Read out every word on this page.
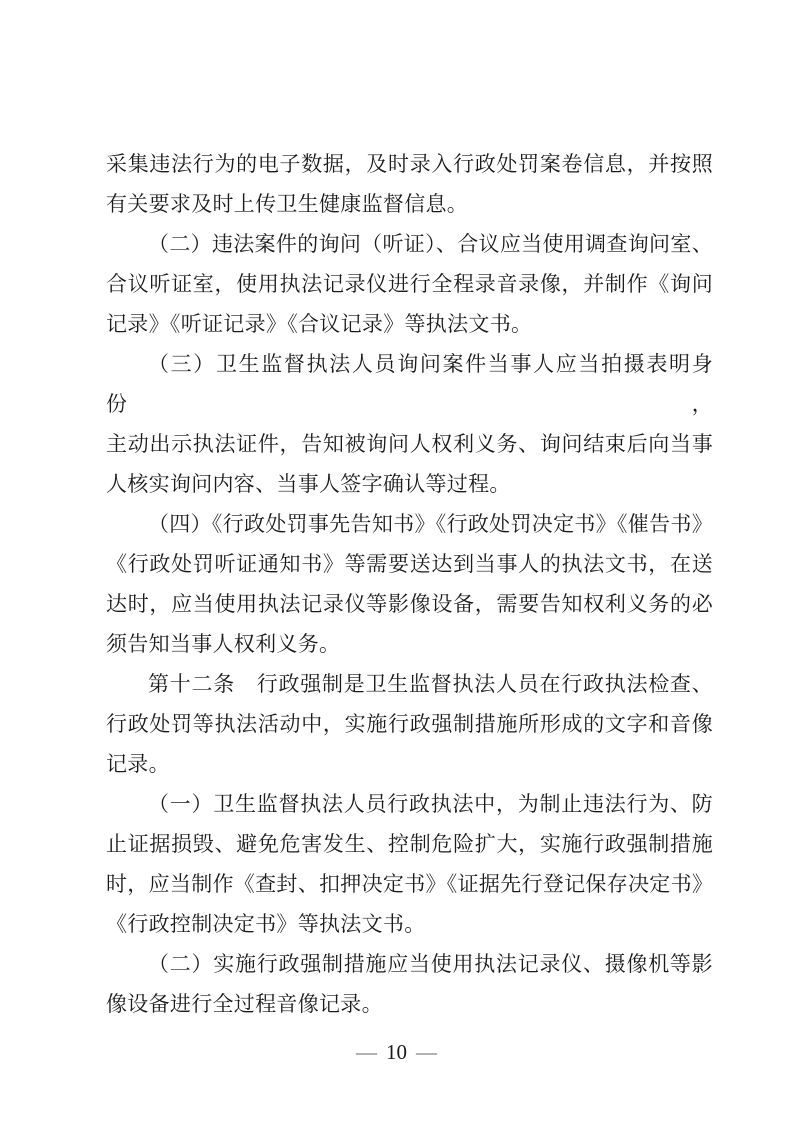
采集违法行为的电子数据，及时录入行政处罚案卷信息，并按照
有关要求及时上传卫生健康监督信息。
（二）违法案件的询问（听证）、合议应当使用调查询问室、
合议听证室，使用执法记录仪进行全程录音录像，并制作《询问
记录》《听证记录》《合议记录》等执法文书。
（三）卫生监督执法人员询问案件当事人应当拍摄表明身份，
主动出示执法证件，告知被询问人权利义务、询问结束后向当事
人核实询问内容、当事人签字确认等过程。
（四）《行政处罚事先告知书》《行政处罚决定书》《催告书》
《行政处罚听证通知书》等需要送达到当事人的执法文书，在送
达时，应当使用执法记录仪等影像设备，需要告知权利义务的必
须告知当事人权利义务。
第十二条　行政强制是卫生监督执法人员在行政执法检查、
行政处罚等执法活动中，实施行政强制措施所形成的文字和音像
记录。
（一）卫生监督执法人员行政执法中，为制止违法行为、防
止证据损毁、避免危害发生、控制危险扩大，实施行政强制措施
时，应当制作《查封、扣押决定书》《证据先行登记保存决定书》
《行政控制决定书》等执法文书。
（二）实施行政强制措施应当使用执法记录仪、摄像机等影
像设备进行全过程音像记录。
— 10 —
